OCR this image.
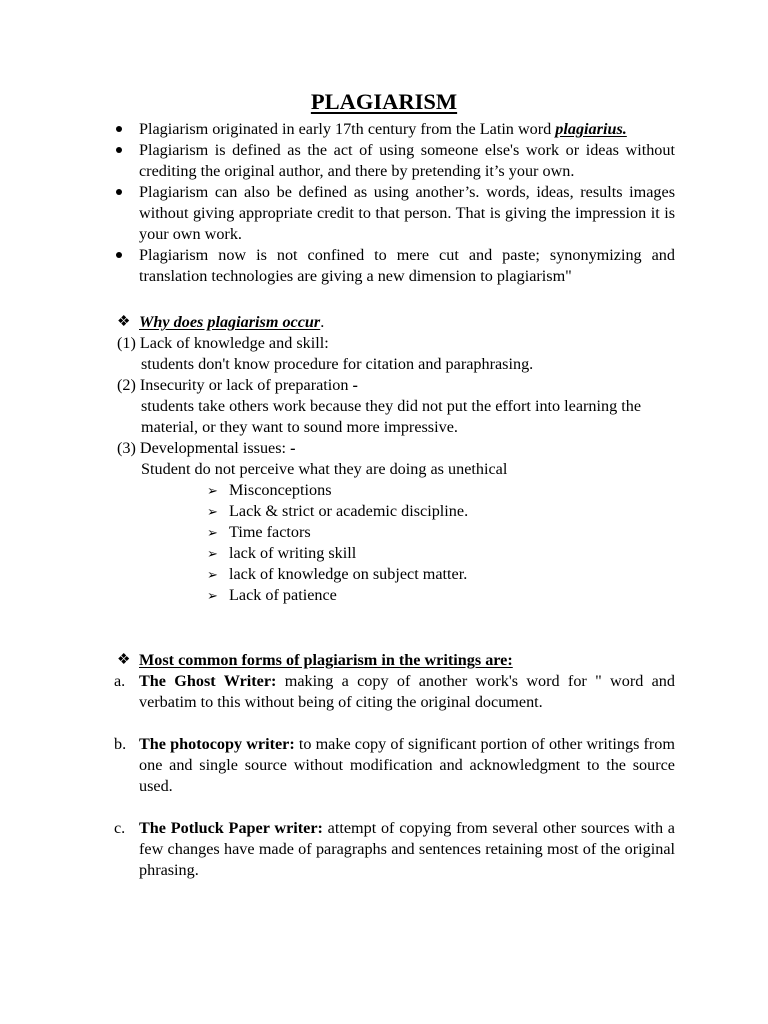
PLAGIARISM
Plagiarism originated in early 17th century from the Latin word plagiarius.
Plagiarism is defined as the act of using someone else's work or ideas without crediting the original author, and there by pretending it’s your own.
Plagiarism can also be defined as using another’s. words, ideas, results images without giving appropriate credit to that person. That is giving the impression it is your own work.
Plagiarism now is not confined to mere cut and paste; synonymizing and translation technologies are giving a new dimension to plagiarism"
❖ Why does plagiarism occur.
(1) Lack of knowledge and skill:
students don't know procedure for citation and paraphrasing.
(2) Insecurity or lack of preparation -
students take others work because they did not put the effort into learning the material, or they want to sound more impressive.
(3) Developmental issues: -
Student do not perceive what they are doing as unethical
➢ Misconceptions
➢ Lack & strict or academic discipline.
➢ Time factors
➢ lack of writing skill
➢ lack of knowledge on subject matter.
➢ Lack of patience
❖ Most common forms of plagiarism in the writings are:
a. The Ghost Writer: making a copy of another work's word for " word and verbatim to this without being of citing the original document.
b. The photocopy writer: to make copy of significant portion of other writings from one and single source without modification and acknowledgment to the source used.
c. The Potluck Paper writer: attempt of copying from several other sources with a few changes have made of paragraphs and sentences retaining most of the original phrasing.
